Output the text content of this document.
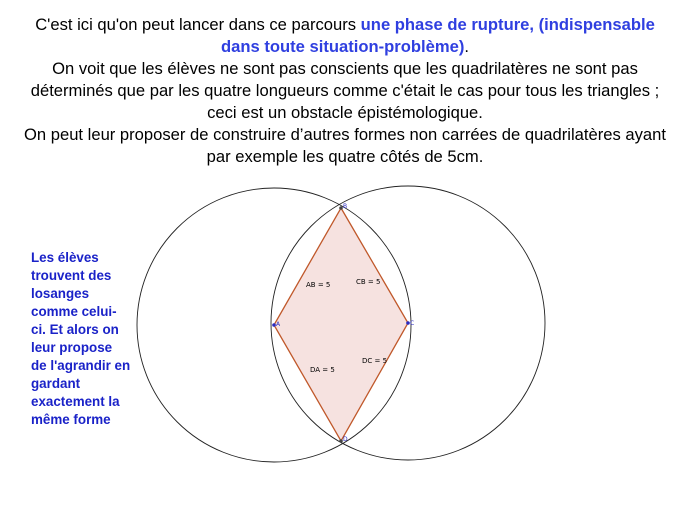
C'est ici qu'on peut lancer dans ce parcours une phase de rupture, (indispensable dans toute situation-problème).
On voit que les élèves ne sont pas conscients que les quadrilatères ne sont pas déterminés que par les quatre longueurs comme c'était le cas pour tous les triangles ; ceci est un obstacle épistémologique.
On peut leur proposer de construire d’autres formes non carrées de quadrilatères ayant par exemple les quatre côtés de 5cm.
Les élèves trouvent des losanges comme celui-ci. Et alors on leur propose de l'agrandir en gardant exactement la même forme
A
B
C
D
AB = 5	CB = 5
DA = 5
DC = 5
